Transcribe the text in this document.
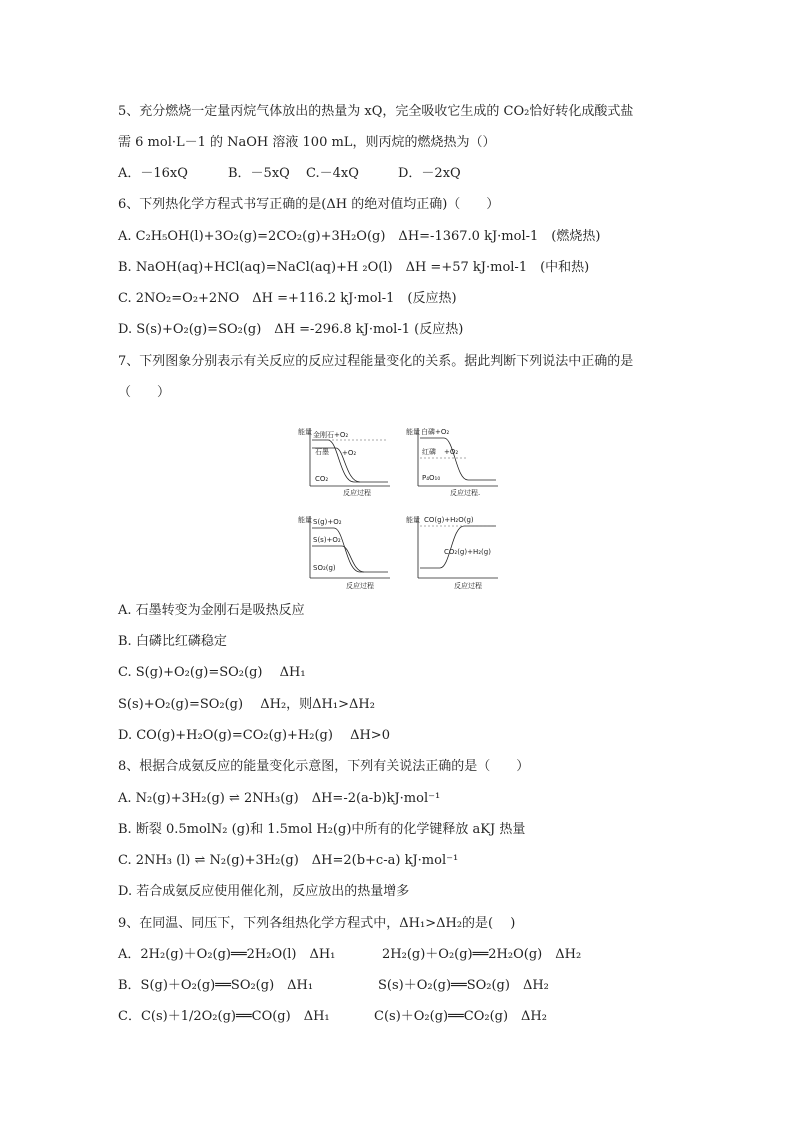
5、充分燃烧一定量丙烷气体放出的热量为 xQ，完全吸收它生成的 CO₂恰好转化成酸式盐
需 6 mol·L－1 的 NaOH 溶液 100 mL，则丙烷的燃烧热为（）
A．－16xQ	B．－5xQ C.－4xQ	D．－2xQ
6、下列热化学方程式书写正确的是(ΔH 的绝对值均正确)（　　）
A. C₂H₅OH(l)+3O₂(g)=2CO₂(g)+3H₂O(g)　ΔH=-1367.0 kJ·mol-1　(燃烧热)
B. NaOH(aq)+HCl(aq)=NaCl(aq)+H ₂O(l)　ΔH =+57 kJ·mol-1　(中和热)
C. 2NO₂=O₂+2NO　ΔH =+116.2 kJ·mol-1　(反应热)
D. S(s)+O₂(g)=SO₂(g)　ΔH =-296.8 kJ·mol-1 (反应热)
7、下列图象分别表示有关反应的反应过程能量变化的关系。据此判断下列说法中正确的是
（　　）
能量 金刚石+O₂
石墨 +O₂
CO₂
反应过程
能量 白磷+O₂
红磷 +O₂
P₄O₁₀
反应过程.
能量 S(g)+O₂
S(s)+O₂
SO₂(g)
反应过程
能量 CO(g)+H₂O(g)
CO₂(g)+H₂(g)
反应过程
A. 石墨转变为金刚石是吸热反应
B. 白磷比红磷稳定
C. S(g)+O₂(g)=SO₂(g)　 ΔH₁
S(s)+O₂(g)=SO₂(g)　 ΔH₂，则ΔH₁>ΔH₂
D. CO(g)+H₂O(g)=CO₂(g)+H₂(g)　 ΔH>0
8、根据合成氨反应的能量变化示意图，下列有关说法正确的是（　　）
A. N₂(g)+3H₂(g) ⇌ 2NH₃(g)　ΔH=-2(a-b)kJ·mol⁻¹
B. 断裂 0.5molN₂ (g)和 1.5mol H₂(g)中所有的化学键释放 aKJ 热量
C. 2NH₃ (l) ⇌ N₂(g)+3H₂(g)　ΔH=2(b+c-a) kJ·mol⁻¹
D. 若合成氨反应使用催化剂，反应放出的热量增多
9、在同温、同压下，下列各组热化学方程式中，ΔH₁>ΔH₂的是(　 )
A．2H₂(g)＋O₂(g)══2H₂O(l)　ΔH₁	2H₂(g)＋O₂(g)══2H₂O(g)　ΔH₂
B．S(g)＋O₂(g)══SO₂(g)　ΔH₁	S(s)＋O₂(g)══SO₂(g)　ΔH₂
C．C(s)＋1/2O₂(g)══CO(g)　ΔH₁	C(s)＋O₂(g)══CO₂(g)　ΔH₂
